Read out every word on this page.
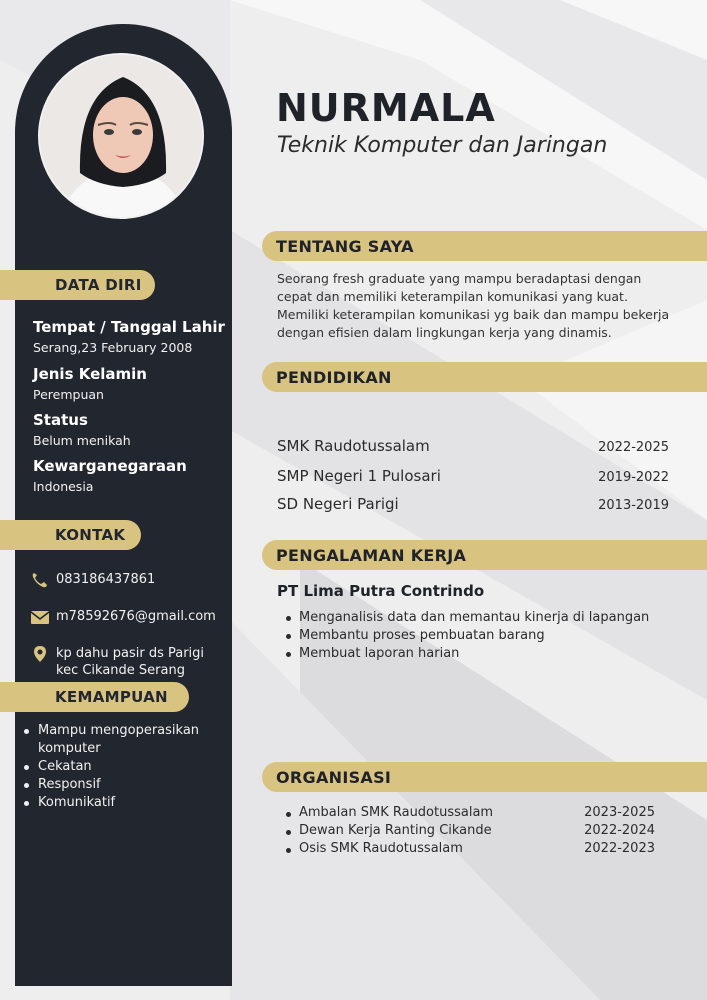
DATA DIRI
Tempat / Tanggal Lahir
Serang,23 February 2008
Jenis Kelamin
Perempuan
Status
Belum menikah
Kewarganegaraan
Indonesia
KONTAK
083186437861
m78592676@gmail.com
kp dahu pasir ds Parigi
kec Cikande Serang
KEMAMPUAN
Mampu mengoperasikan komputer
Cekatan
Responsif
Komunikatif
NURMALA
Teknik Komputer dan Jaringan
TENTANG SAYA

Seorang fresh graduate yang mampu beradaptasi dengan cepat dan memiliki keterampilan komunikasi yang kuat. Memiliki keterampilan komunikasi yg baik dan mampu bekerja dengan efisien dalam lingkungan kerja yang dinamis.

PENDIDIKAN
SMK Raudotussalam	2022-2025
SMP Negeri 1 Pulosari	2019-2022
SD Negeri Parigi	2013-2019
PENGALAMAN KERJA
PT Lima Putra Contrindo
Menganalisis data dan memantau kinerja di lapangan
Membantu proses pembuatan barang
Membuat laporan harian
ORGANISASI
Ambalan SMK Raudotussalam	2023-2025
Dewan Kerja Ranting Cikande	2022-2024
Osis SMK Raudotussalam	2022-2023
